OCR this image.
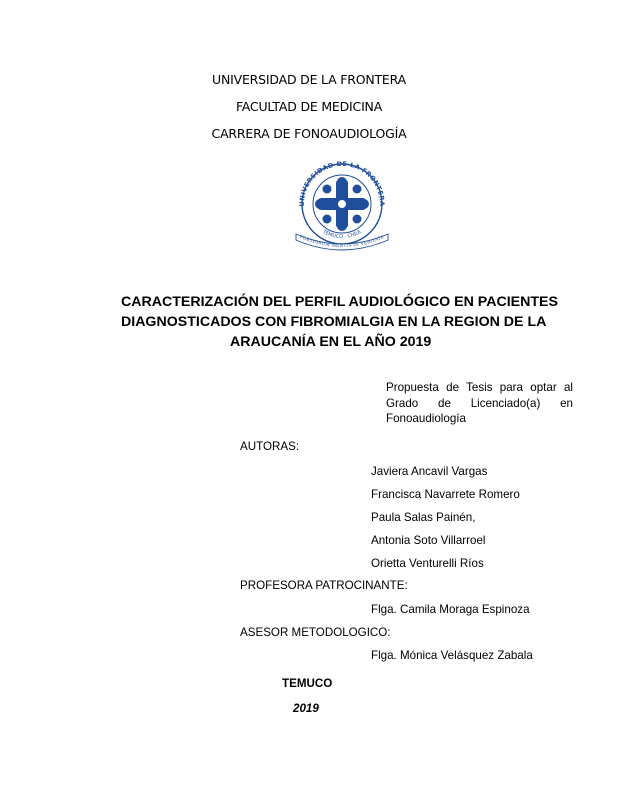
UNIVERSIDAD DE LA FRONTERA
FACULTAD DE MEDICINA
CARRERA DE FONOAUDIOLOGÍA
UNIVERSIDAD DE LA FRONTERA
TEMUCO · CHILE
FORTIORUM MENTIS IN VERITATE
CARACTERIZACIÓN DEL PERFIL AUDIOLÓGICO EN PACIENTES
DIAGNOSTICADOS CON FIBROMIALGIA EN LA REGION DE LA
ARAUCANÍA EN EL AÑO 2019
Propuesta de Tesis para optar al
Grado de Licenciado(a) en
Fonoaudiología
AUTORAS:
Javiera Ancavil Vargas
Francisca Navarrete Romero
Paula Salas Painén,
Antonia Soto Villarroel
Orietta Venturelli Ríos
PROFESORA PATROCINANTE:
Flga. Camila Moraga Espinoza
ASESOR METODOLOGICO:
Flga. Mónica Velásquez Zabala
TEMUCO
2019
